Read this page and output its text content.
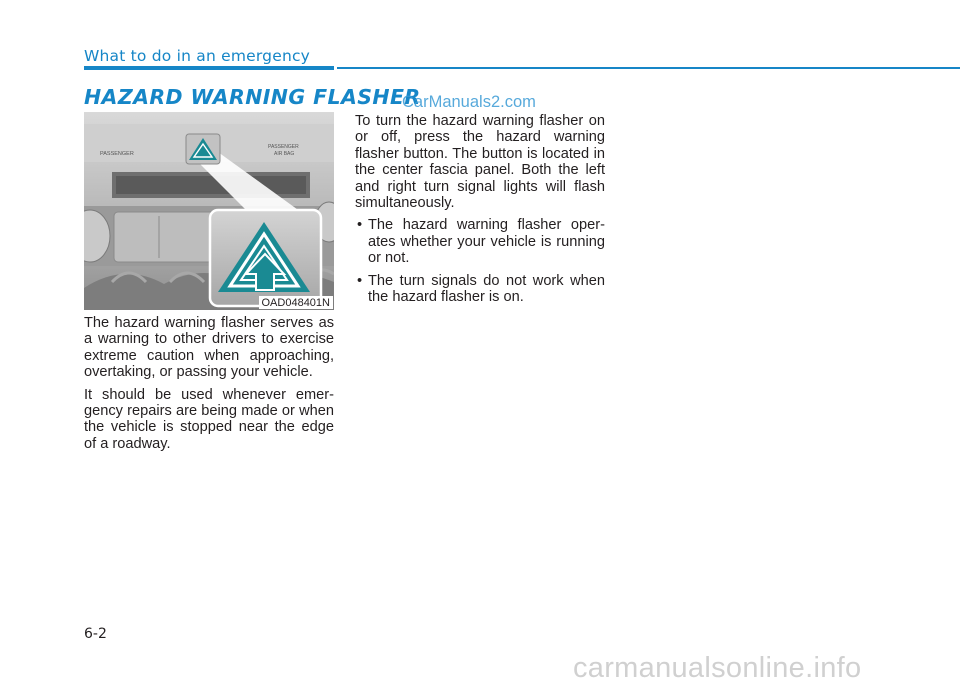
What to do in an emergency
HAZARD WARNING FLASHER
PASSENGER
PASSENGER
AIR BAG
OAD048401N

The hazard warning flasher serves as a warning to other drivers to exercise extreme caution when approaching, overtaking, or passing your vehicle.

It should be used whenever emergency repairs are being made or when the vehicle is stopped near the edge of a roadway.

CarManuals2.com

To turn the hazard warning flasher on or off, press the hazard warning flasher button. The button is located in the center fascia panel. Both the left and right turn signal lights will flash simultaneously.

• The hazard warning flasher operates whether your vehicle is running or not.
• The turn signals do not work when the hazard flasher is on.
6-2
carmanualsonline.info
